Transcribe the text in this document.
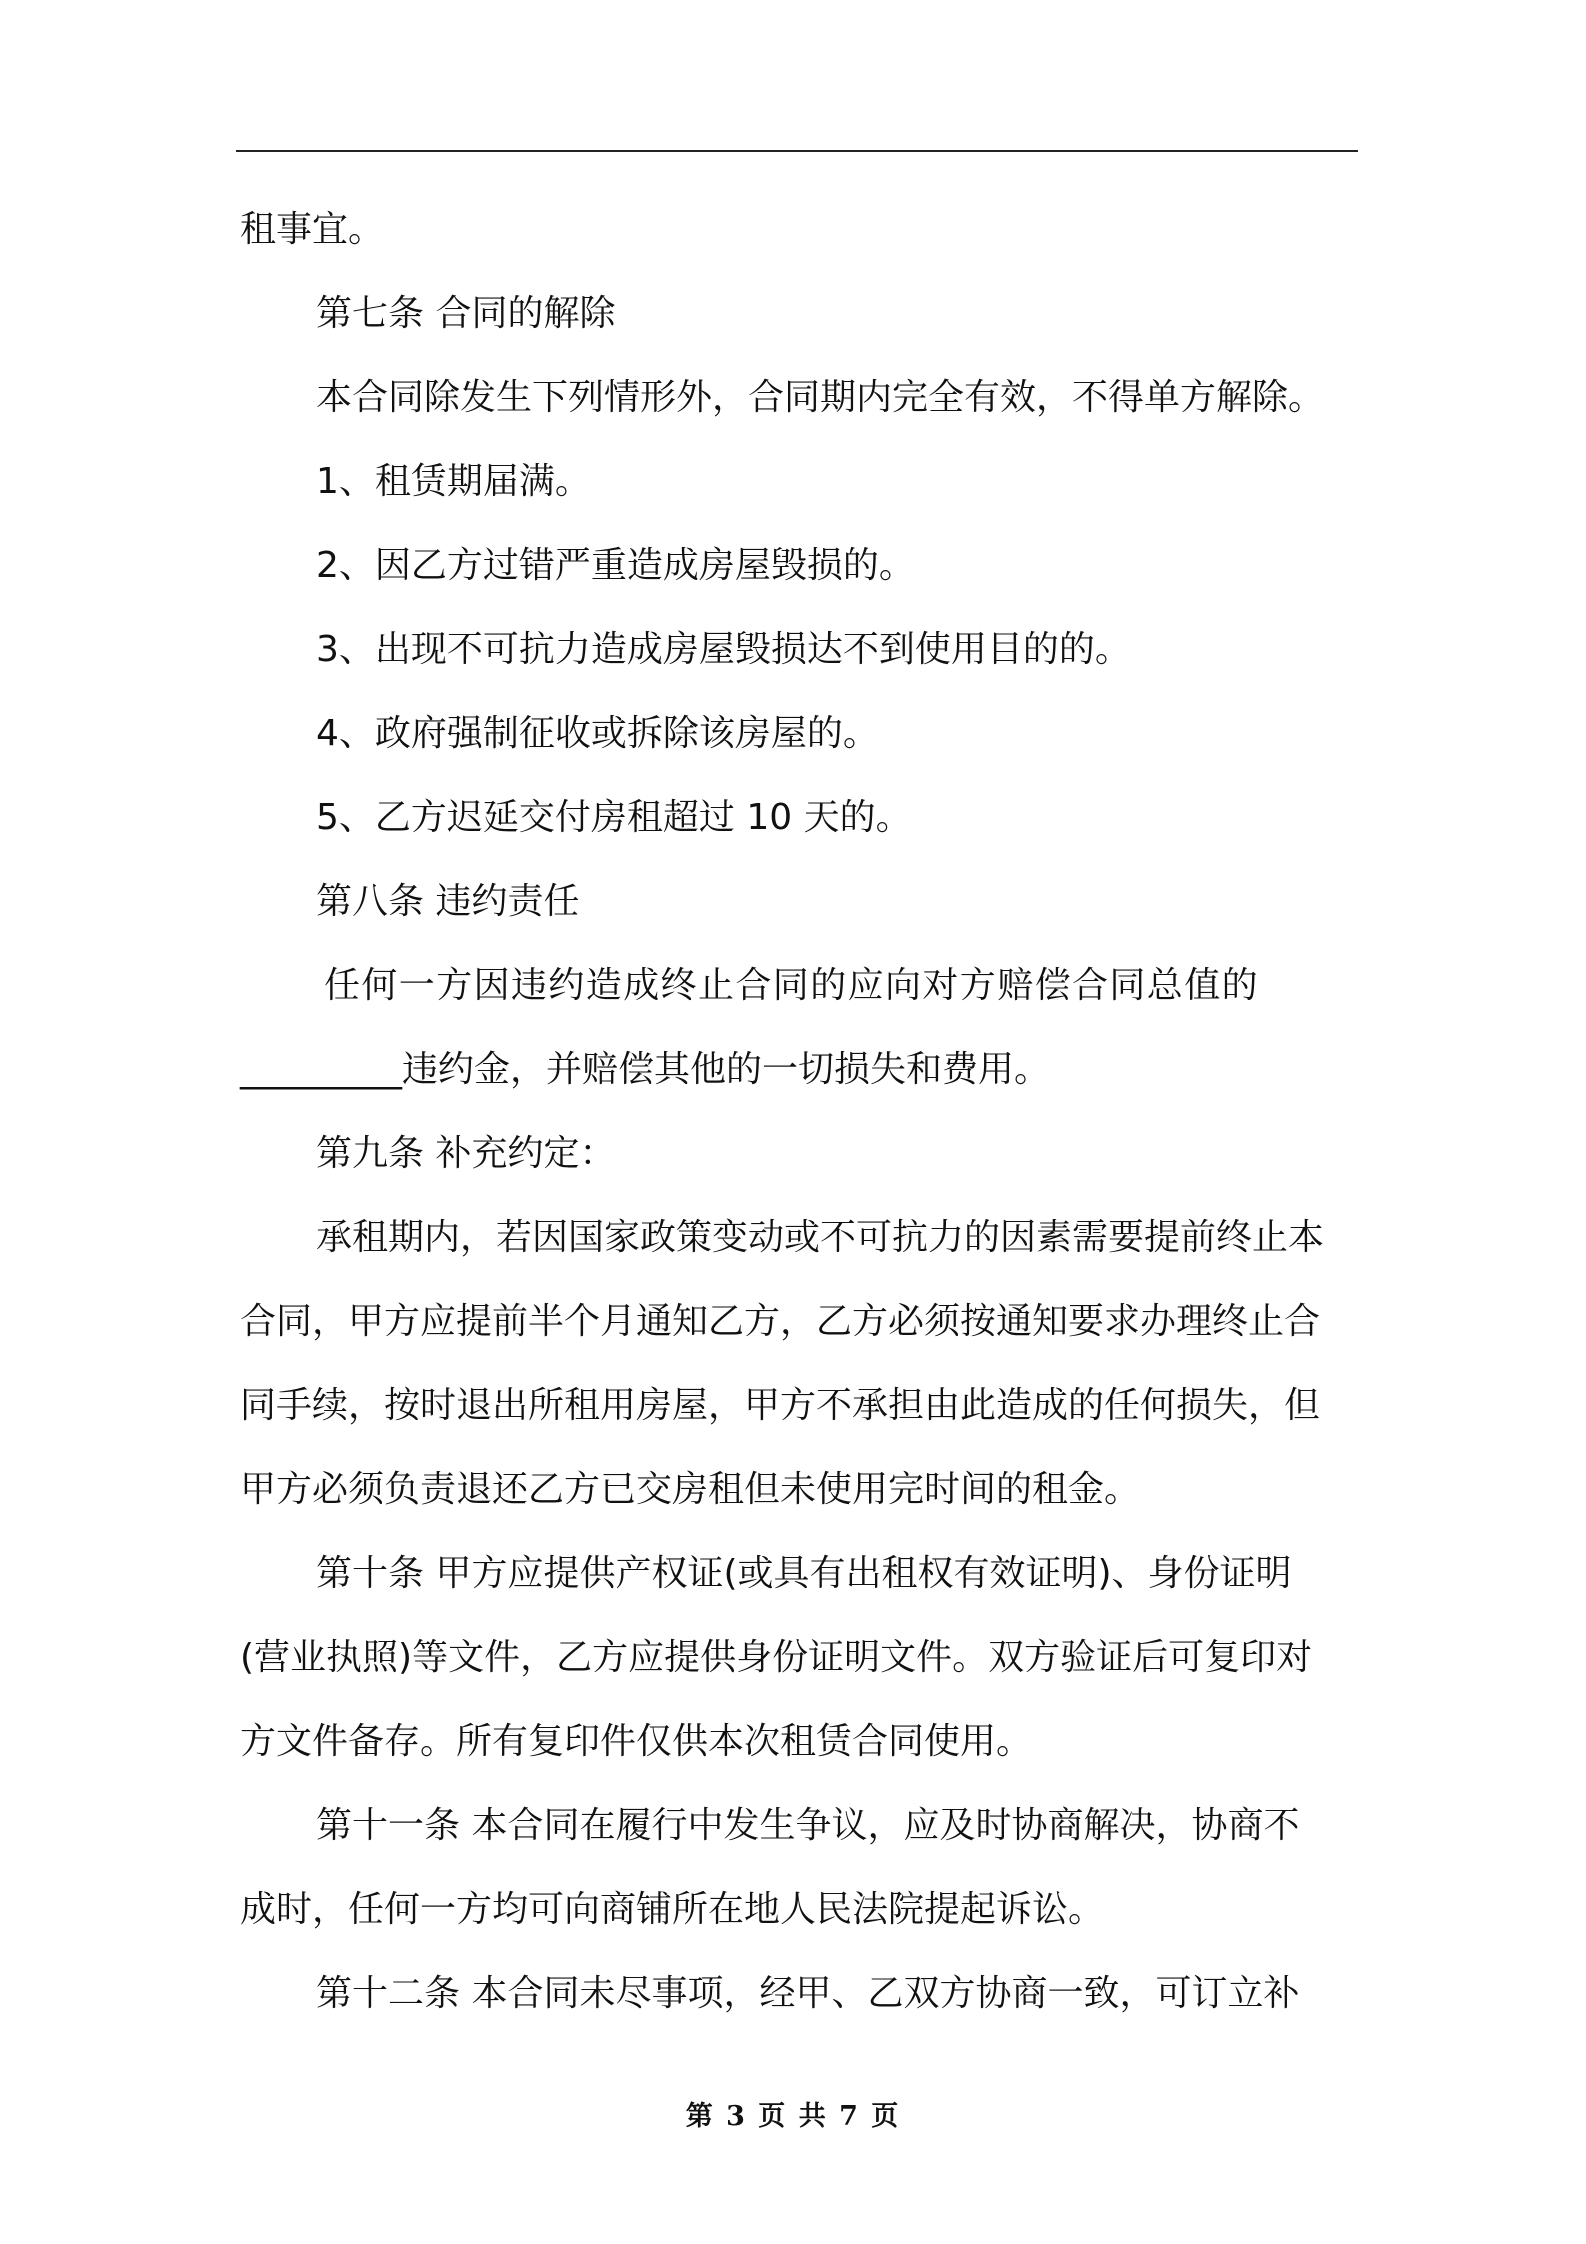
租事宜。
第七条 合同的解除
本合同除发生下列情形外，合同期内完全有效，不得单方解除。
1、租赁期届满。
2、因乙方过错严重造成房屋毁损的。
3、出现不可抗力造成房屋毁损达不到使用目的的。
4、政府强制征收或拆除该房屋的。
5、乙方迟延交付房租超过 10 天的。
第八条 违约责任
任何一方因违约造成终止合同的应向对方赔偿合同总值的
_________违约金，并赔偿其他的一切损失和费用。
第九条 补充约定：
承租期内，若因国家政策变动或不可抗力的因素需要提前终止本
合同，甲方应提前半个月通知乙方，乙方必须按通知要求办理终止合
同手续，按时退出所租用房屋，甲方不承担由此造成的任何损失，但
甲方必须负责退还乙方已交房租但未使用完时间的租金。
第十条 甲方应提供产权证(或具有出租权有效证明)、身份证明
(营业执照)等文件，乙方应提供身份证明文件。双方验证后可复印对
方文件备存。所有复印件仅供本次租赁合同使用。
第十一条 本合同在履行中发生争议，应及时协商解决，协商不
成时，任何一方均可向商铺所在地人民法院提起诉讼。
第十二条 本合同未尽事项，经甲、乙双方协商一致，可订立补
第 3 页 共 7 页
